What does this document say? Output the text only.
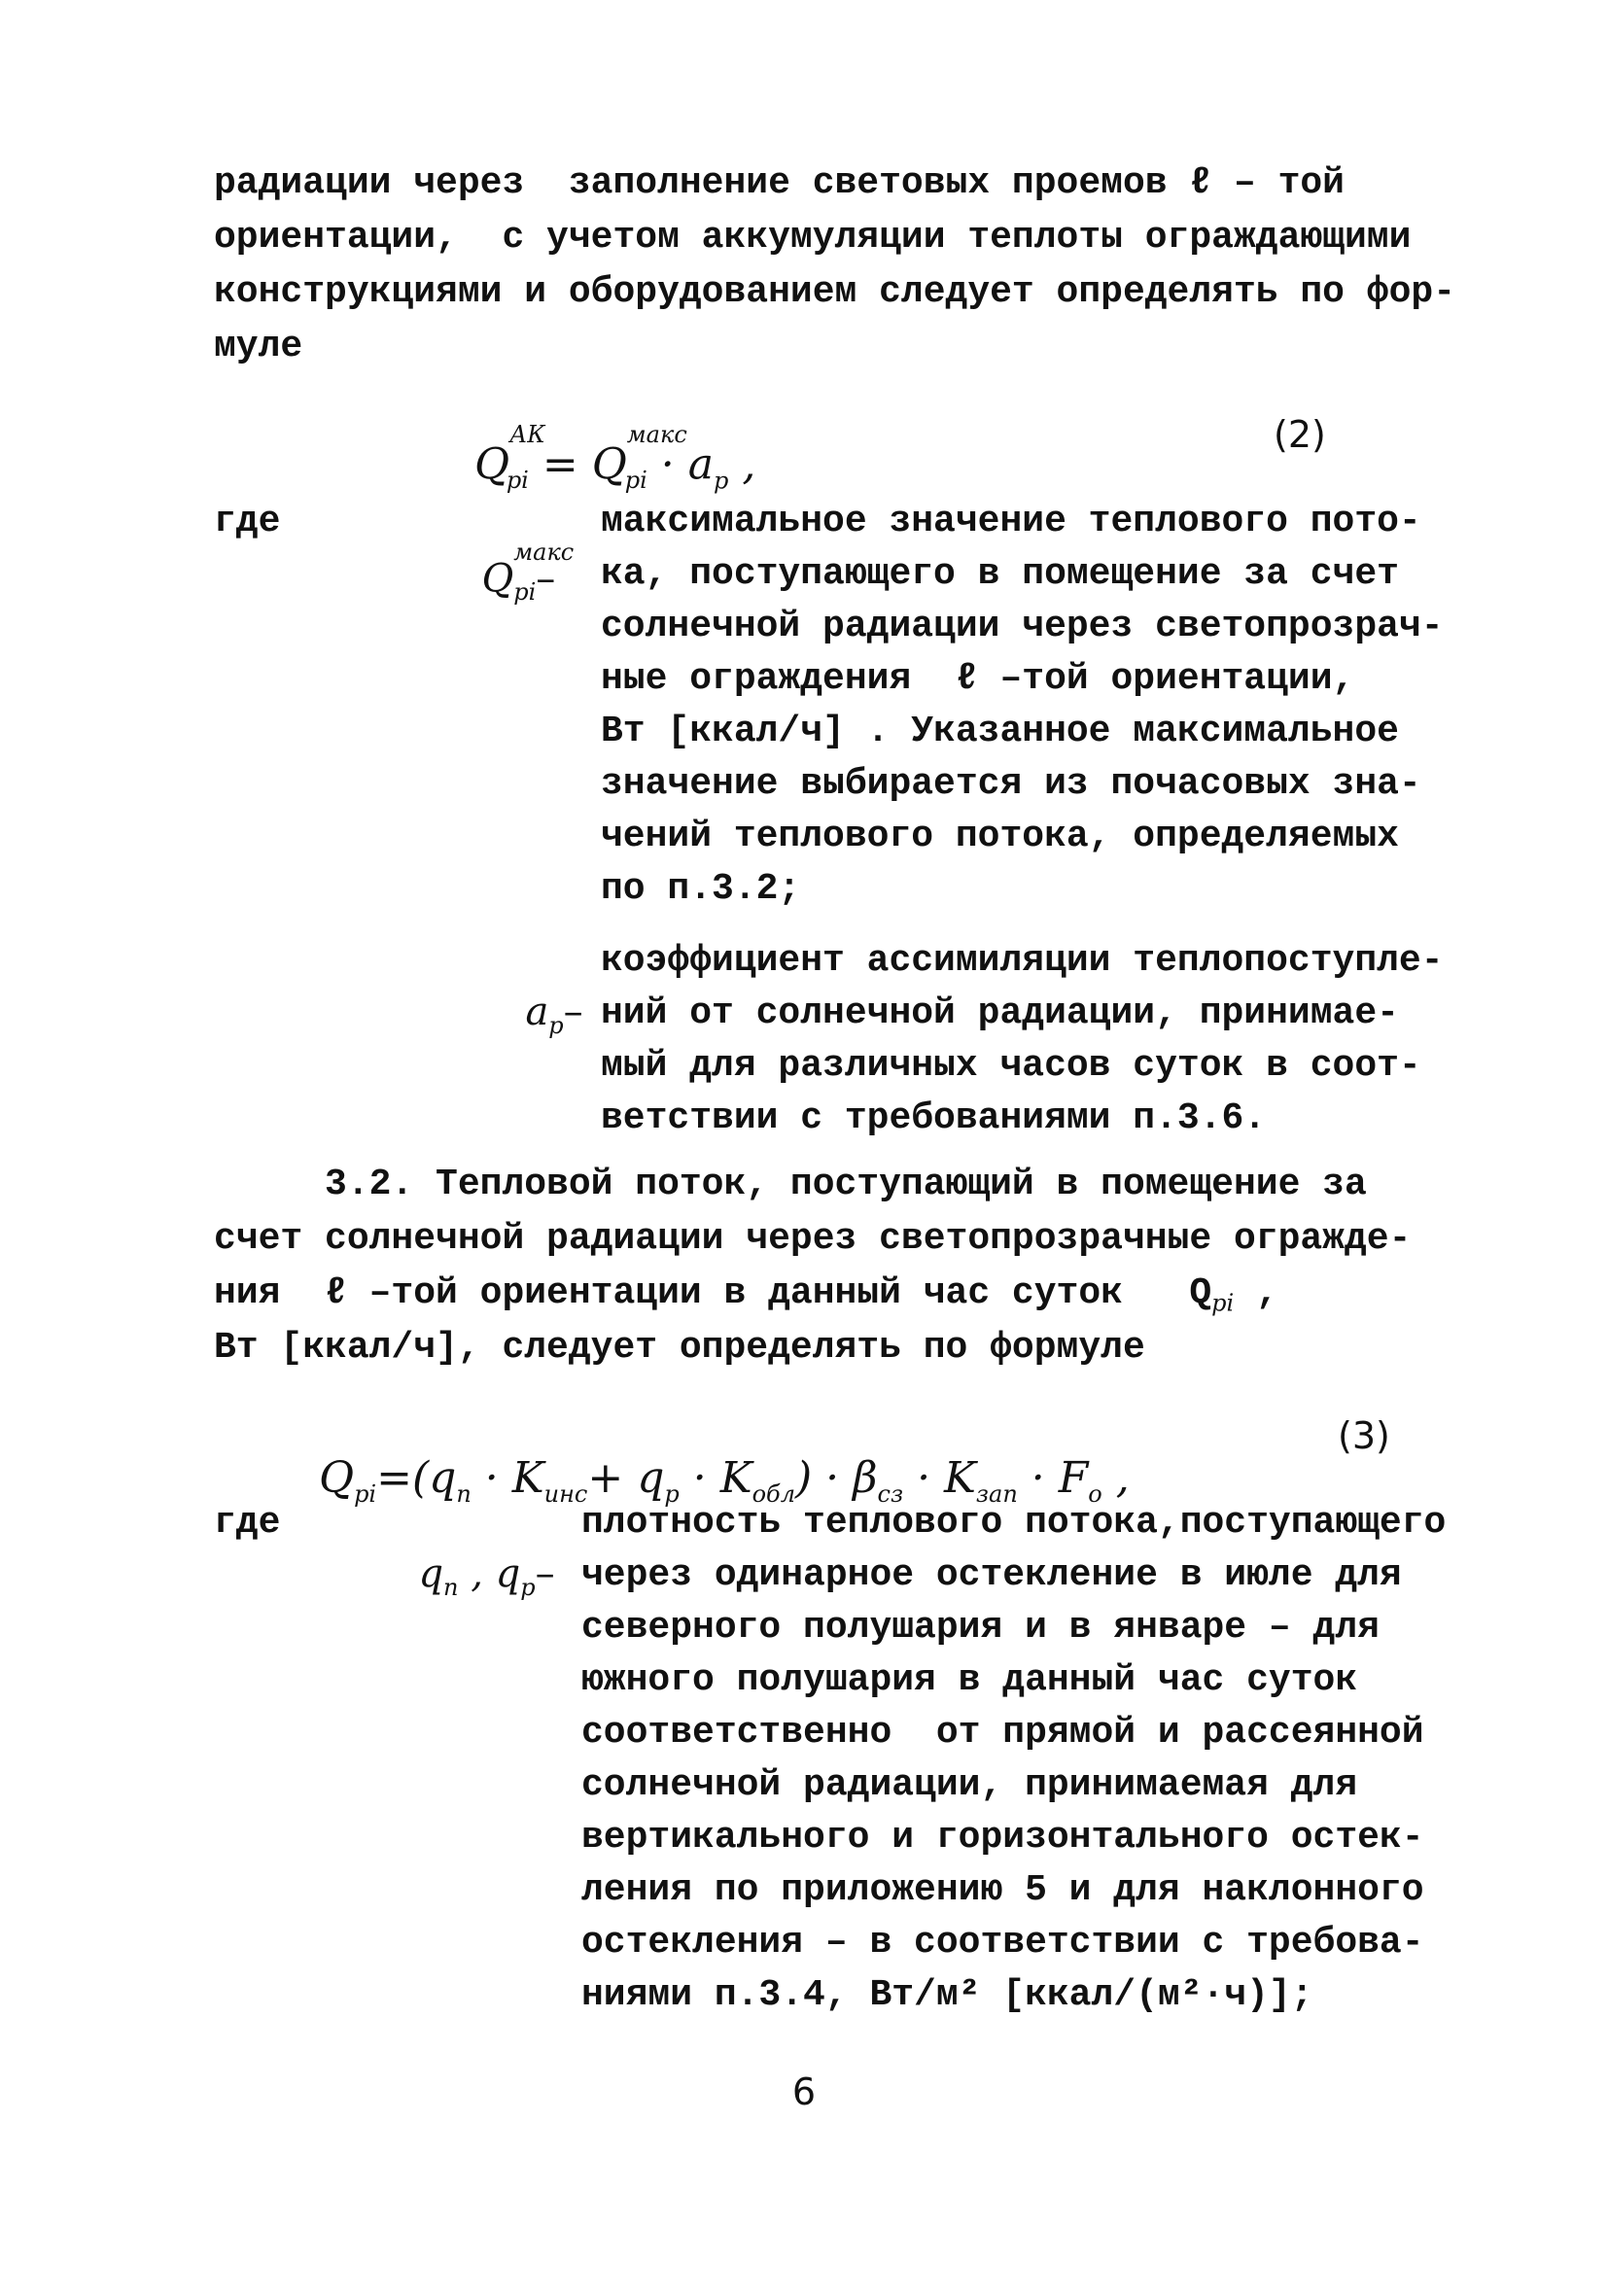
радиации через  заполнение световых проемов ℓ – той
ориентации,  с учетом аккумуляции теплоты ограждающими
конструкциями и оборудованием следует определять по фор-
муле

$Q^{АК}_{pi} = Q^{макс}_{pi} \cdot a_p$ ,

(2)
где

$Q^{макс}_{pi}-$

максимальное значение теплового пото-
ка, поступающего в помещение за счет
солнечной радиации через светопрозрач-
ные ограждения  ℓ –той ориентации,
Вт [ккал/ч] . Указанное максимальное
значение выбирается из почасовых зна-
чений теплового потока, определяемых
по п.3.2;

$a_p-$

коэффициент ассимиляции теплопоступле-
ний от солнечной радиации, принимае-
мый для различных часов суток в соот-
ветствии с требованиями п.3.6.
3.2. Тепловой поток, поступающий в помещение за
счет солнечной радиации через светопрозрачные огражде-
ния  ℓ –той ориентации в данный час суток   $Q_{pi}$ ,
Вт [ккал/ч], следует определять по формуле

$Q_{pi}=(q_п \cdot K_{инс}+ q_p \cdot K_{обл}) \cdot \beta_{сз} \cdot K_{зап} \cdot F_o$ ,

(3)
где

$q_п$ , $q_p-$

плотность теплового потока,поступающего
через одинарное остекление в июле для
северного полушария и в январе – для
южного полушария в данный час суток
соответственно  от прямой и рассеянной
солнечной радиации, принимаемая для
вертикального и горизонтального остек-
ления по приложению 5 и для наклонного
остекления – в соответствии с требова-
ниями п.3.4, Вт/м² [ккал/(м²·ч)];
6
